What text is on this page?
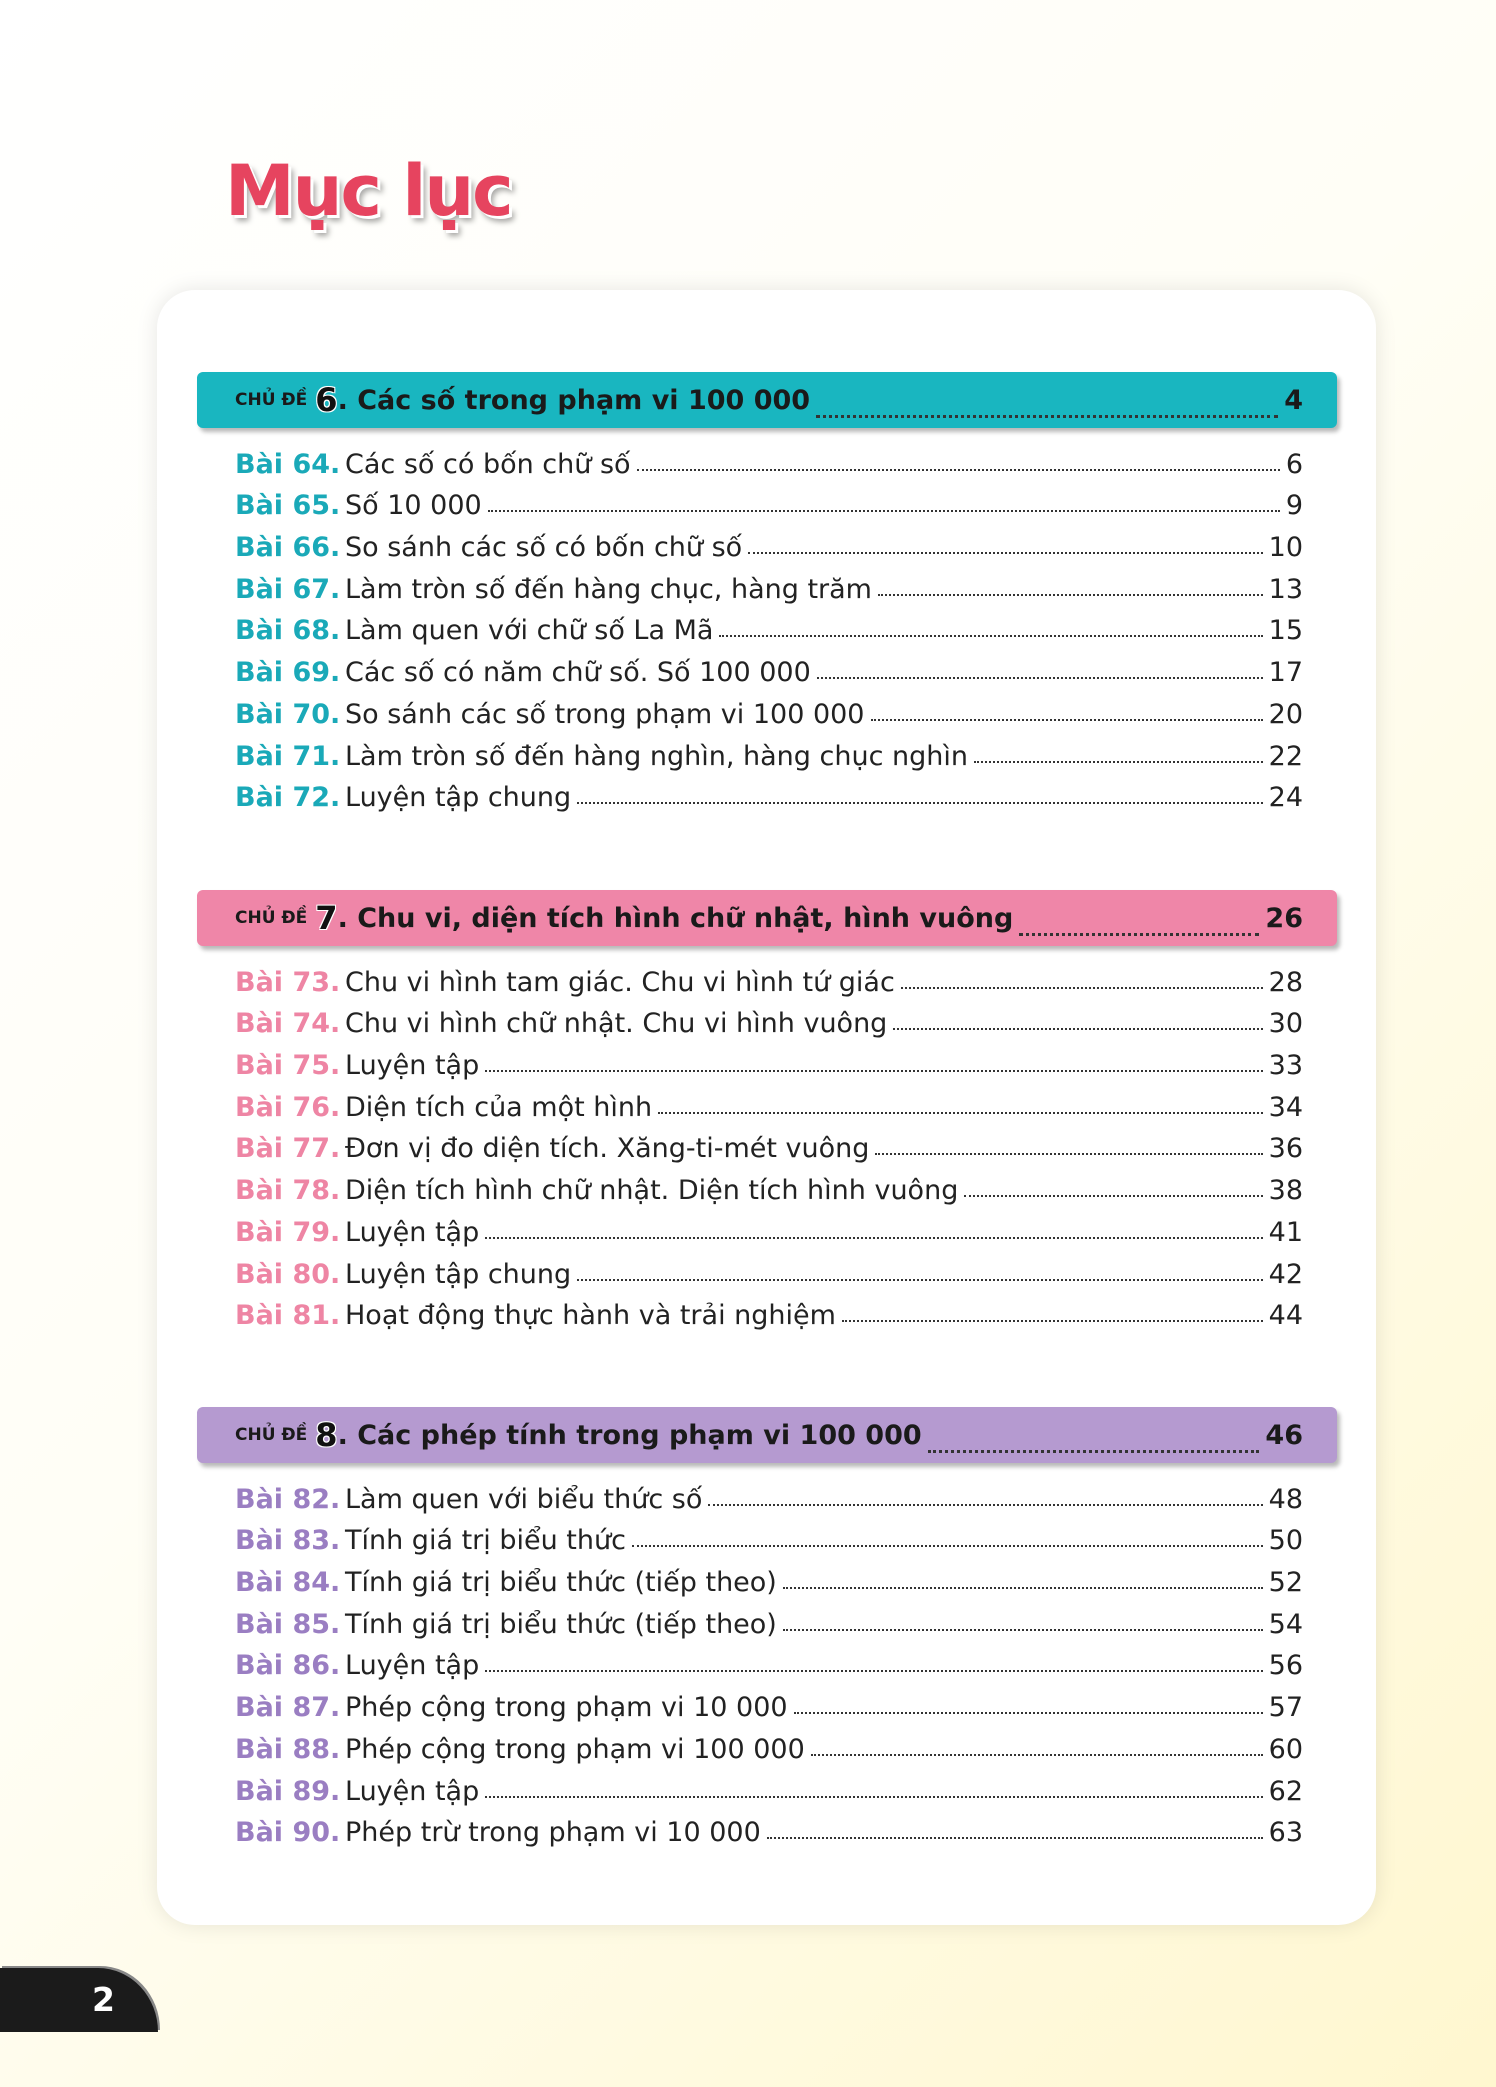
Mục lục
CHỦ ĐỀ 6 . Các số trong phạm vi 100 000	4
Bài 64. Các số có bốn chữ số	6
Bài 65. Số 10 000	9
Bài 66. So sánh các số có bốn chữ số	10
Bài 67. Làm tròn số đến hàng chục, hàng trăm	13
Bài 68. Làm quen với chữ số La Mã	15
Bài 69. Các số có năm chữ số. Số 100 000	17
Bài 70. So sánh các số trong phạm vi 100 000	20
Bài 71. Làm tròn số đến hàng nghìn, hàng chục nghìn	22
Bài 72. Luyện tập chung	24
CHỦ ĐỀ 7 . Chu vi, diện tích hình chữ nhật, hình vuông	26
Bài 73. Chu vi hình tam giác. Chu vi hình tứ giác	28
Bài 74. Chu vi hình chữ nhật. Chu vi hình vuông	30
Bài 75. Luyện tập	33
Bài 76. Diện tích của một hình	34
Bài 77. Đơn vị đo diện tích. Xăng-ti-mét vuông	36
Bài 78. Diện tích hình chữ nhật. Diện tích hình vuông	38
Bài 79. Luyện tập	41
Bài 80. Luyện tập chung	42
Bài 81. Hoạt động thực hành và trải nghiệm	44
CHỦ ĐỀ 8 . Các phép tính trong phạm vi 100 000	46
Bài 82. Làm quen với biểu thức số	48
Bài 83. Tính giá trị biểu thức	50
Bài 84. Tính giá trị biểu thức (tiếp theo)	52
Bài 85. Tính giá trị biểu thức (tiếp theo)	54
Bài 86. Luyện tập	56
Bài 87. Phép cộng trong phạm vi 10 000	57
Bài 88. Phép cộng trong phạm vi 100 000	60
Bài 89. Luyện tập	62
Bài 90. Phép trừ trong phạm vi 10 000	63
2
